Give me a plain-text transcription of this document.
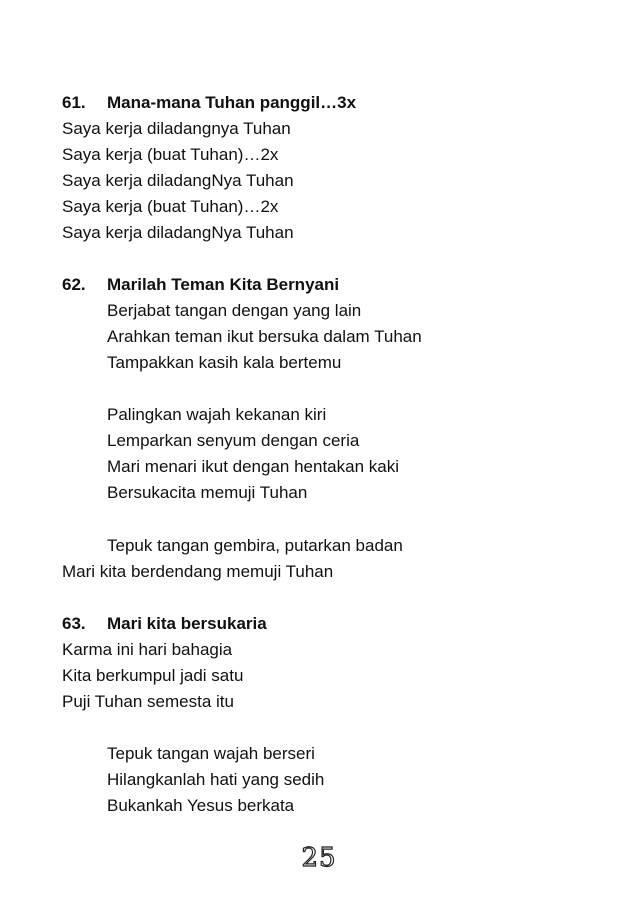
61. Mana-mana Tuhan panggil…3x
Saya kerja diladangnya Tuhan
Saya kerja (buat Tuhan)…2x
Saya kerja diladangNya Tuhan
Saya kerja (buat Tuhan)…2x
Saya kerja diladangNya Tuhan
62. Marilah Teman Kita Bernyani
Berjabat tangan dengan yang lain
Arahkan teman ikut bersuka dalam Tuhan
Tampakkan kasih kala bertemu
Palingkan wajah kekanan kiri
Lemparkan senyum dengan ceria
Mari menari ikut dengan hentakan kaki
Bersukacita memuji Tuhan
Tepuk tangan gembira, putarkan badan
Mari kita berdendang memuji Tuhan
63. Mari kita bersukaria
Karma ini hari bahagia
Kita berkumpul jadi satu
Puji Tuhan semesta itu
Tepuk tangan wajah berseri
Hilangkanlah hati yang sedih
Bukankah Yesus berkata
25
